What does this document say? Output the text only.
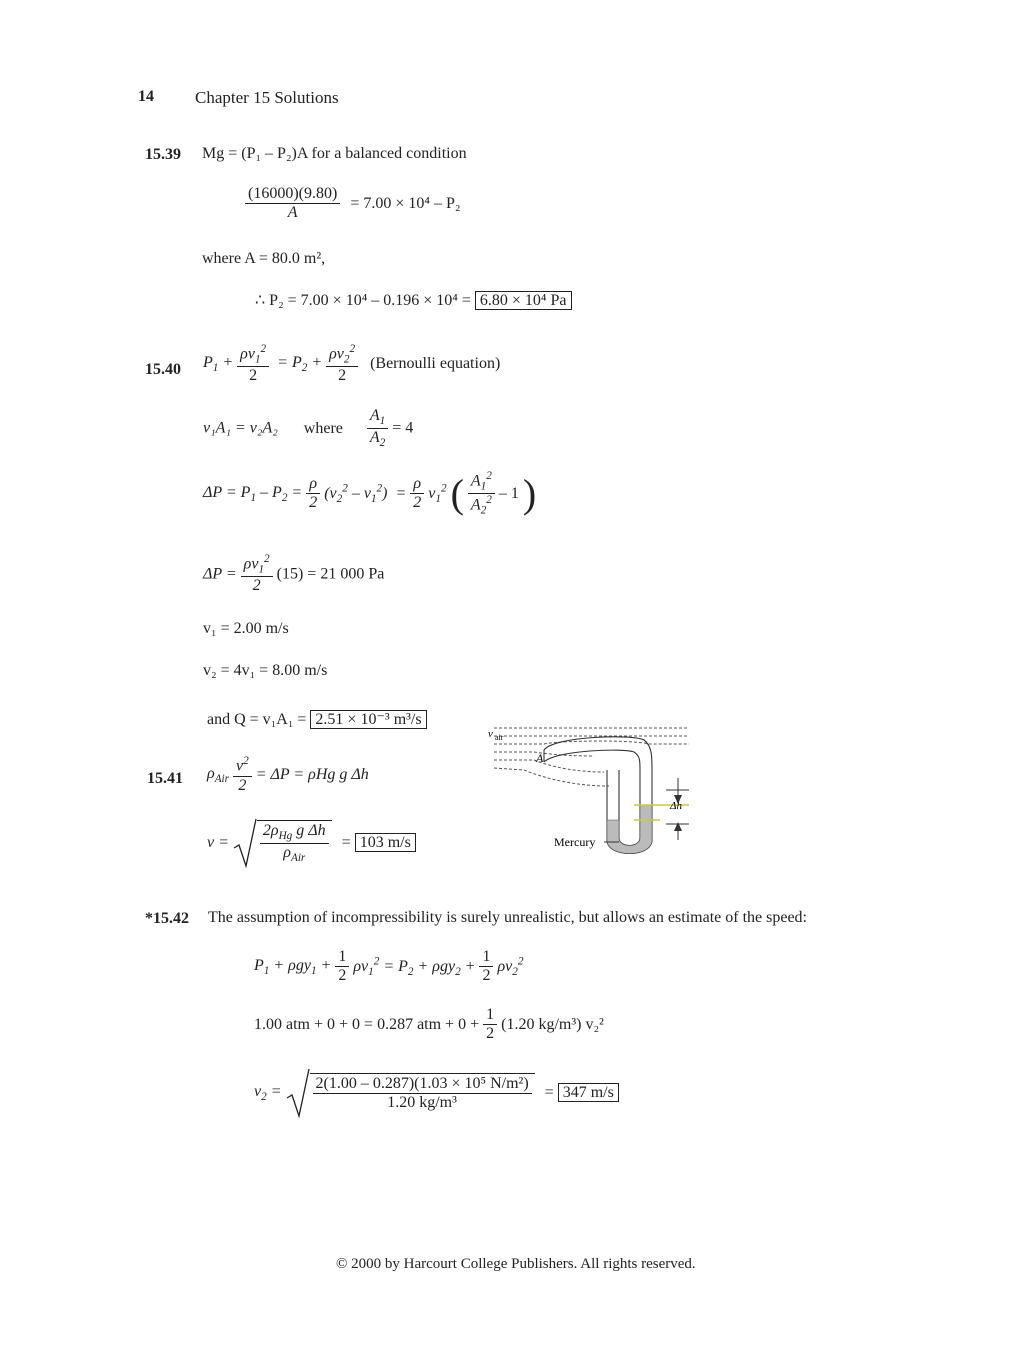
14 Chapter 15 Solutions
15.39 Mg = (P₁ – P₂)A for a balanced condition
$\frac{(16000)(9.80)}{A} = 7.00 \times 10^4 - P_2$
where A = 80.0 m²,
∴ P₂ = 7.00 × 10⁴ – 0.196 × 10⁴ = 6.80 × 10⁴ Pa
15.40 $P_1 + \frac{\rho v_1^2}{2} = P_2 + \frac{\rho v_2^2}{2}$ (Bernoulli equation)
v₁A₁ = v₂A₂ where $\frac{A_1}{A_2} = 4$
$\Delta P = P_1 - P_2 = \frac{\rho}{2} (v_2^2 - v_1^2) = \frac{\rho}{2} v_1^2$ ( $\frac{A_1^2}{A_2^2} - 1$ )
$\Delta P = \frac{\rho v_1^2}{2} (15) = 21$ 000 Pa
v₁ = 2.00 m/s
v₂ = 4v₁ = 8.00 m/s
and Q = v₁A₁ = 2.51 × 10⁻³ m³/s
15.41 $\rho_{Air} \frac{v^2}{2} = \Delta P = \rho Hg$ g Δh
$v = \frac{2\rho_{Hg} g \Delta h}{\rho_{Air}} = 103$ m/s
v air
A
Δh
Mercury
*15.42 The assumption of incompressibility is surely unrealistic, but allows an estimate of the speed:
$P_1 + \rho gy_1 + \frac{1}{2} \rho v_1^2 = P_2 + \rho gy_2 + \frac{1}{2} \rho v_2^2$
1.00 atm + 0 + 0 = 0.287 atm + $0 + \frac{1}{2} (1.20$ kg/m³) v₂²
$v_2 = \frac{\text{2(1.00 – 0.287)(1.03 × 10⁵ N/m²)}}{\text{1.20 kg/m³}} = 347$ m/s
© 2000 by Harcourt College Publishers. All rights reserved.
